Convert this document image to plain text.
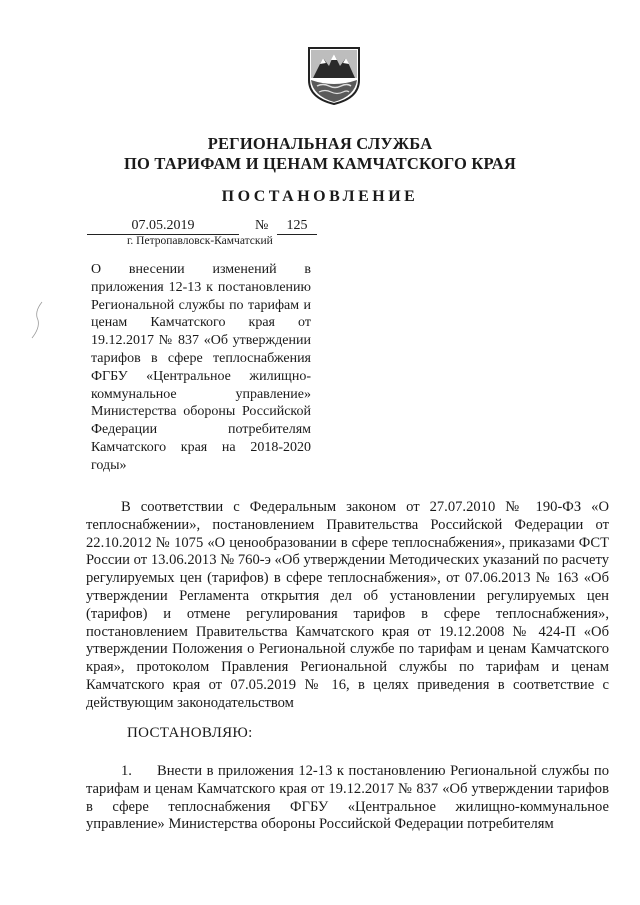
РЕГИОНАЛЬНАЯ СЛУЖБА
ПО ТАРИФАМ И ЦЕНАМ КАМЧАТСКОГО КРАЯ
ПОСТАНОВЛЕНИЕ
07.05.2019	№	125
г. Петропавловск-Камчатский
О внесении изменений в приложения 12-13 к постановлению Региональной службы по тарифам и ценам Камчатского края от 19.12.2017 № 837 «Об утверждении тарифов в сфере теплоснабжения ФГБУ «Центральное жилищно-коммунальное управление» Министерства обороны Российской Федерации потребителям Камчатского края на 2018-2020 годы»

В соответствии с Федеральным законом от 27.07.2010 № 190-ФЗ «О теплоснабжении», постановлением Правительства Российской Федерации от 22.10.2012 № 1075 «О ценообразовании в сфере теплоснабжения», приказами ФСТ России от 13.06.2013 № 760-э «Об утверждении Методических указаний по расчету регулируемых цен (тарифов) в сфере теплоснабжения», от 07.06.2013 № 163 «Об утверждении Регламента открытия дел об установлении регулируемых цен (тарифов) и отмене регулирования тарифов в сфере теплоснабжения», постановлением Правительства Камчатского края от 19.12.2008 № 424-П «Об утверждении Положения о Региональной службе по тарифам и ценам Камчатского края», протоколом Правления Региональной службы по тарифам и ценам Камчатского края от 07.05.2019 № 16, в целях приведения в соответствие с действующим законодательством

ПОСТАНОВЛЯЮ:

1. Внести в приложения 12-13 к постановлению Региональной службы по тарифам и ценам Камчатского края от 19.12.2017 № 837 «Об утверждении тарифов в сфере теплоснабжения ФГБУ «Центральное жилищно-коммунальное управление» Министерства обороны Российской Федерации потребителям
